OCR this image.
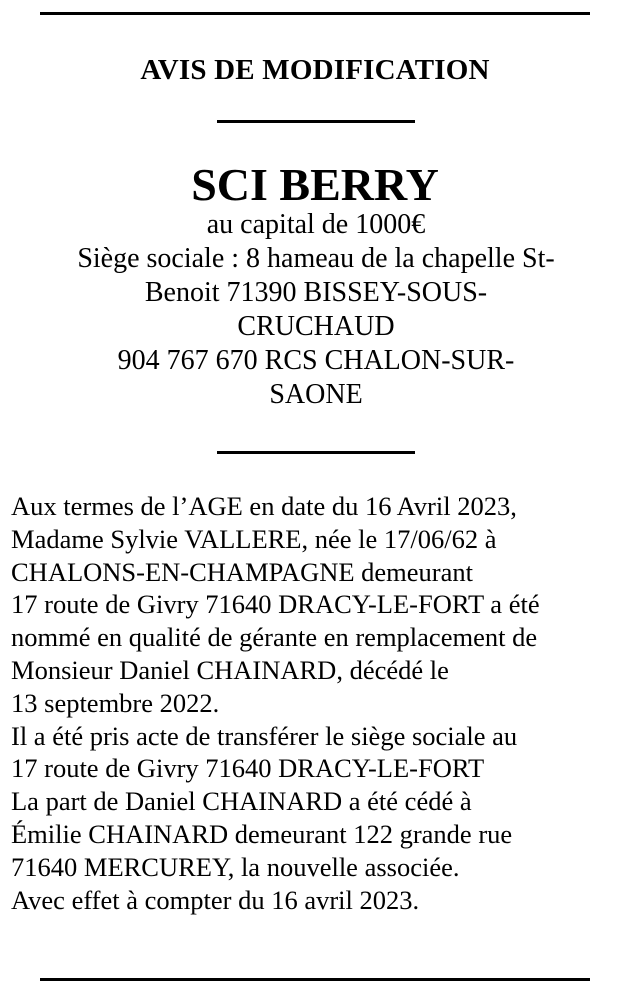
AVIS DE MODIFICATION
SCI BERRY
au capital de 1000€
Siège sociale : 8 hameau de la chapelle St-
Benoit 71390 BISSEY-SOUS-
CRUCHAUD
904 767 670 RCS CHALON-SUR-
SAONE
Aux termes de l’AGE en date du 16 Avril 2023,
Madame Sylvie VALLERE, née le 17/06/62 à
CHALONS-EN-CHAMPAGNE demeurant
17 route de Givry 71640 DRACY-LE-FORT a été
nommé en qualité de gérante en remplacement de
Monsieur Daniel CHAINARD, décédé le
13 septembre 2022.
Il a été pris acte de transférer le siège sociale au
17 route de Givry 71640 DRACY-LE-FORT
La part de Daniel CHAINARD a été cédé à
Émilie CHAINARD demeurant 122 grande rue
71640 MERCUREY, la nouvelle associée.
Avec effet à compter du 16 avril 2023.
